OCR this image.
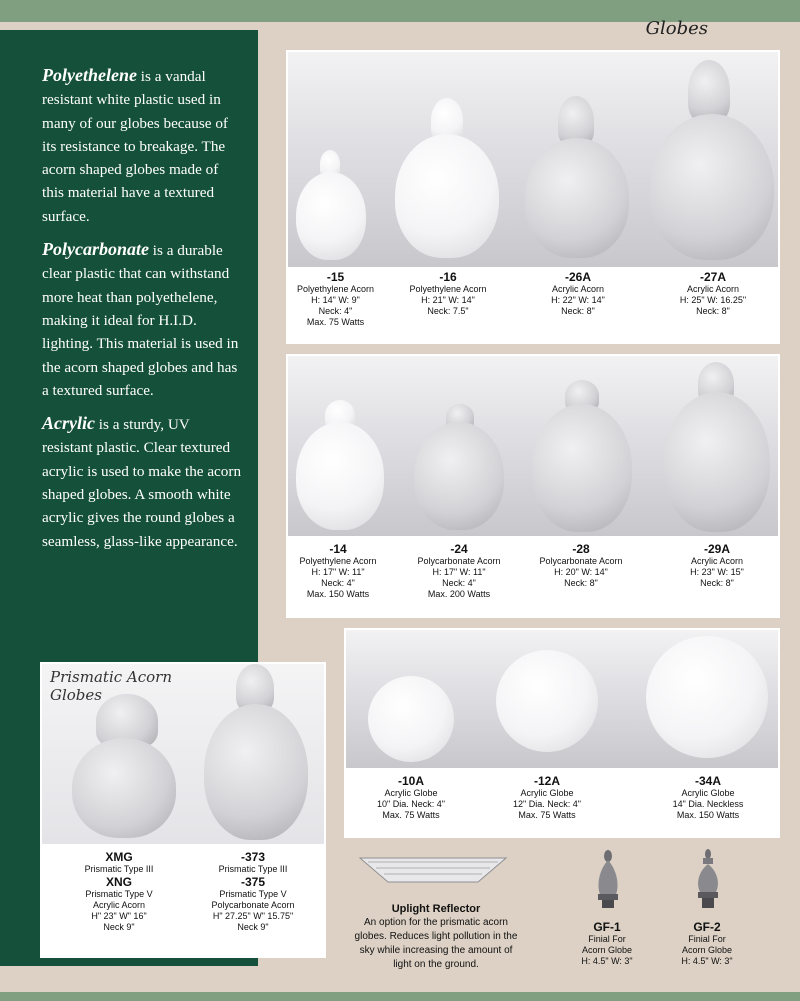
Globes

Polyethelene is a vandal resistant white plastic used in many of our globes because of its resistance to breakage. The acorn shaped globes made of this material have a textured surface.

Polycarbonate is a durable clear plastic that can withstand more heat than polyethelene, making it ideal for H.I.D. lighting. This material is used in the acorn shaped globes and has a textured surface.

Acrylic is a sturdy, UV resistant plastic. Clear textured acrylic is used to make the acorn shaped globes. A smooth white acrylic gives the round globes a seamless, glass-like appearance.

-15
Polyethylene Acorn
H: 14" W: 9"
Neck: 4"
Max. 75 Watts
-16
Polyethylene Acorn
H: 21" W: 14"
Neck: 7.5"
-26A
Acrylic Acorn
H: 22" W: 14"
Neck: 8"
-27A
Acrylic Acorn
H: 25" W: 16.25"
Neck: 8"
-14
Polyethylene Acorn
H: 17" W: 11"
Neck: 4"
Max. 150 Watts
-24
Polycarbonate Acorn
H: 17" W: 11"
Neck: 4"
Max. 200 Watts
-28
Polycarbonate Acorn
H: 20" W: 14"
Neck: 8"
-29A
Acrylic Acorn
H: 23" W: 15"
Neck: 8"
-10A
Acrylic Globe
10" Dia. Neck: 4"
Max. 75 Watts
-12A
Acrylic Globe
12" Dia. Neck: 4"
Max. 75 Watts
-34A
Acrylic Globe
14" Dia. Neckless
Max. 150 Watts
Prismatic Acorn
Globes
XMG
Prismatic Type III
XNG
Prismatic Type V
Acrylic Acorn
H" 23" W" 16"
Neck 9"
-373
Prismatic Type III
-375
Prismatic Type V
Polycarbonate Acorn
H" 27.25" W" 15.75"
Neck 9"
Uplight Reflector
An option for the prismatic acorn globes. Reduces light pollution in the sky while increasing the amount of light on the ground.
GF-1
Finial For
Acorn Globe
H: 4.5" W: 3"
GF-2
Finial For
Acorn Globe
H: 4.5" W: 3"
